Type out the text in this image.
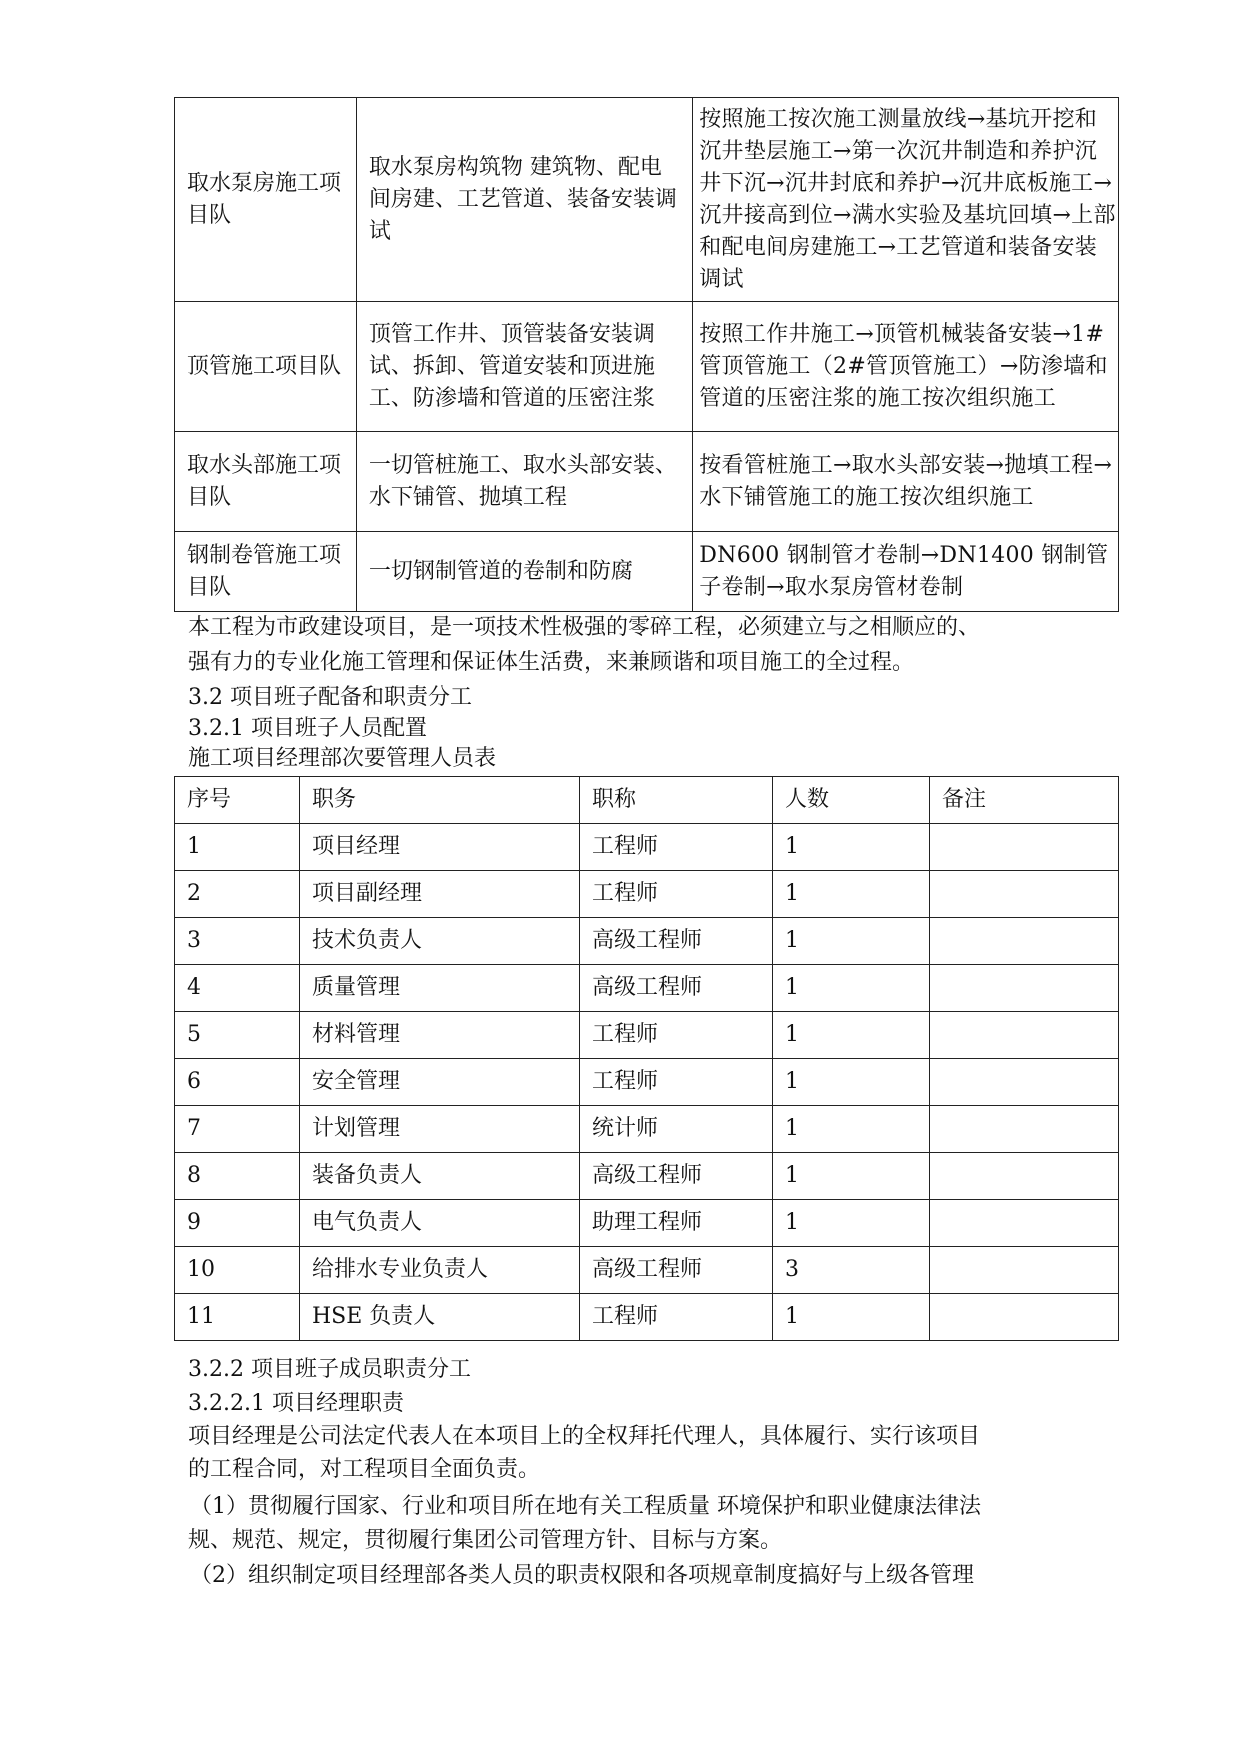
取水泵房施工项目队	取水泵房构筑物 建筑物、配电间房建、工艺管道、装备安装调试	按照施工按次施工测量放线→基坑开挖和沉井垫层施工→第一次沉井制造和养护沉井下沉→沉井封底和养护→沉井底板施工→沉井接高到位→满水实验及基坑回填→上部和配电间房建施工→工艺管道和装备安装调试
顶管施工项目队	顶管工作井、顶管装备安装调试、拆卸、管道安装和顶进施工、防渗墙和管道的压密注浆	按照工作井施工→顶管机械装备安装→1#管顶管施工（2#管顶管施工）→防渗墙和管道的压密注浆的施工按次组织施工
取水头部施工项目队	一切管桩施工、取水头部安装、水下铺管、抛填工程	按看管桩施工→取水头部安装→抛填工程→水下铺管施工的施工按次组织施工
钢制卷管施工项目队	一切钢制管道的卷制和防腐	DN600 钢制管才卷制→DN1400 钢制管子卷制→取水泵房管材卷制
本工程为市政建设项目，是一项技术性极强的零碎工程，必须建立与之相顺应的、
强有力的专业化施工管理和保证体生活费，来兼顾谐和项目施工的全过程。
3.2 项目班子配备和职责分工
3.2.1 项目班子人员配置
施工项目经理部次要管理人员表
序号	职务	职称	人数	备注
1	项目经理	工程师	1	
2	项目副经理	工程师	1	
3	技术负责人	高级工程师	1	
4	质量管理	高级工程师	1	
5	材料管理	工程师	1	
6	安全管理	工程师	1	
7	计划管理	统计师	1	
8	装备负责人	高级工程师	1	
9	电气负责人	助理工程师	1	
10	给排水专业负责人	高级工程师	3	
11	HSE 负责人	工程师	1	
3.2.2 项目班子成员职责分工
3.2.2.1 项目经理职责
项目经理是公司法定代表人在本项目上的全权拜托代理人，具体履行、实行该项目
的工程合同，对工程项目全面负责。
（1）贯彻履行国家、行业和项目所在地有关工程质量 环境保护和职业健康法律法
规、规范、规定，贯彻履行集团公司管理方针、目标与方案。
（2）组织制定项目经理部各类人员的职责权限和各项规章制度搞好与上级各管理
